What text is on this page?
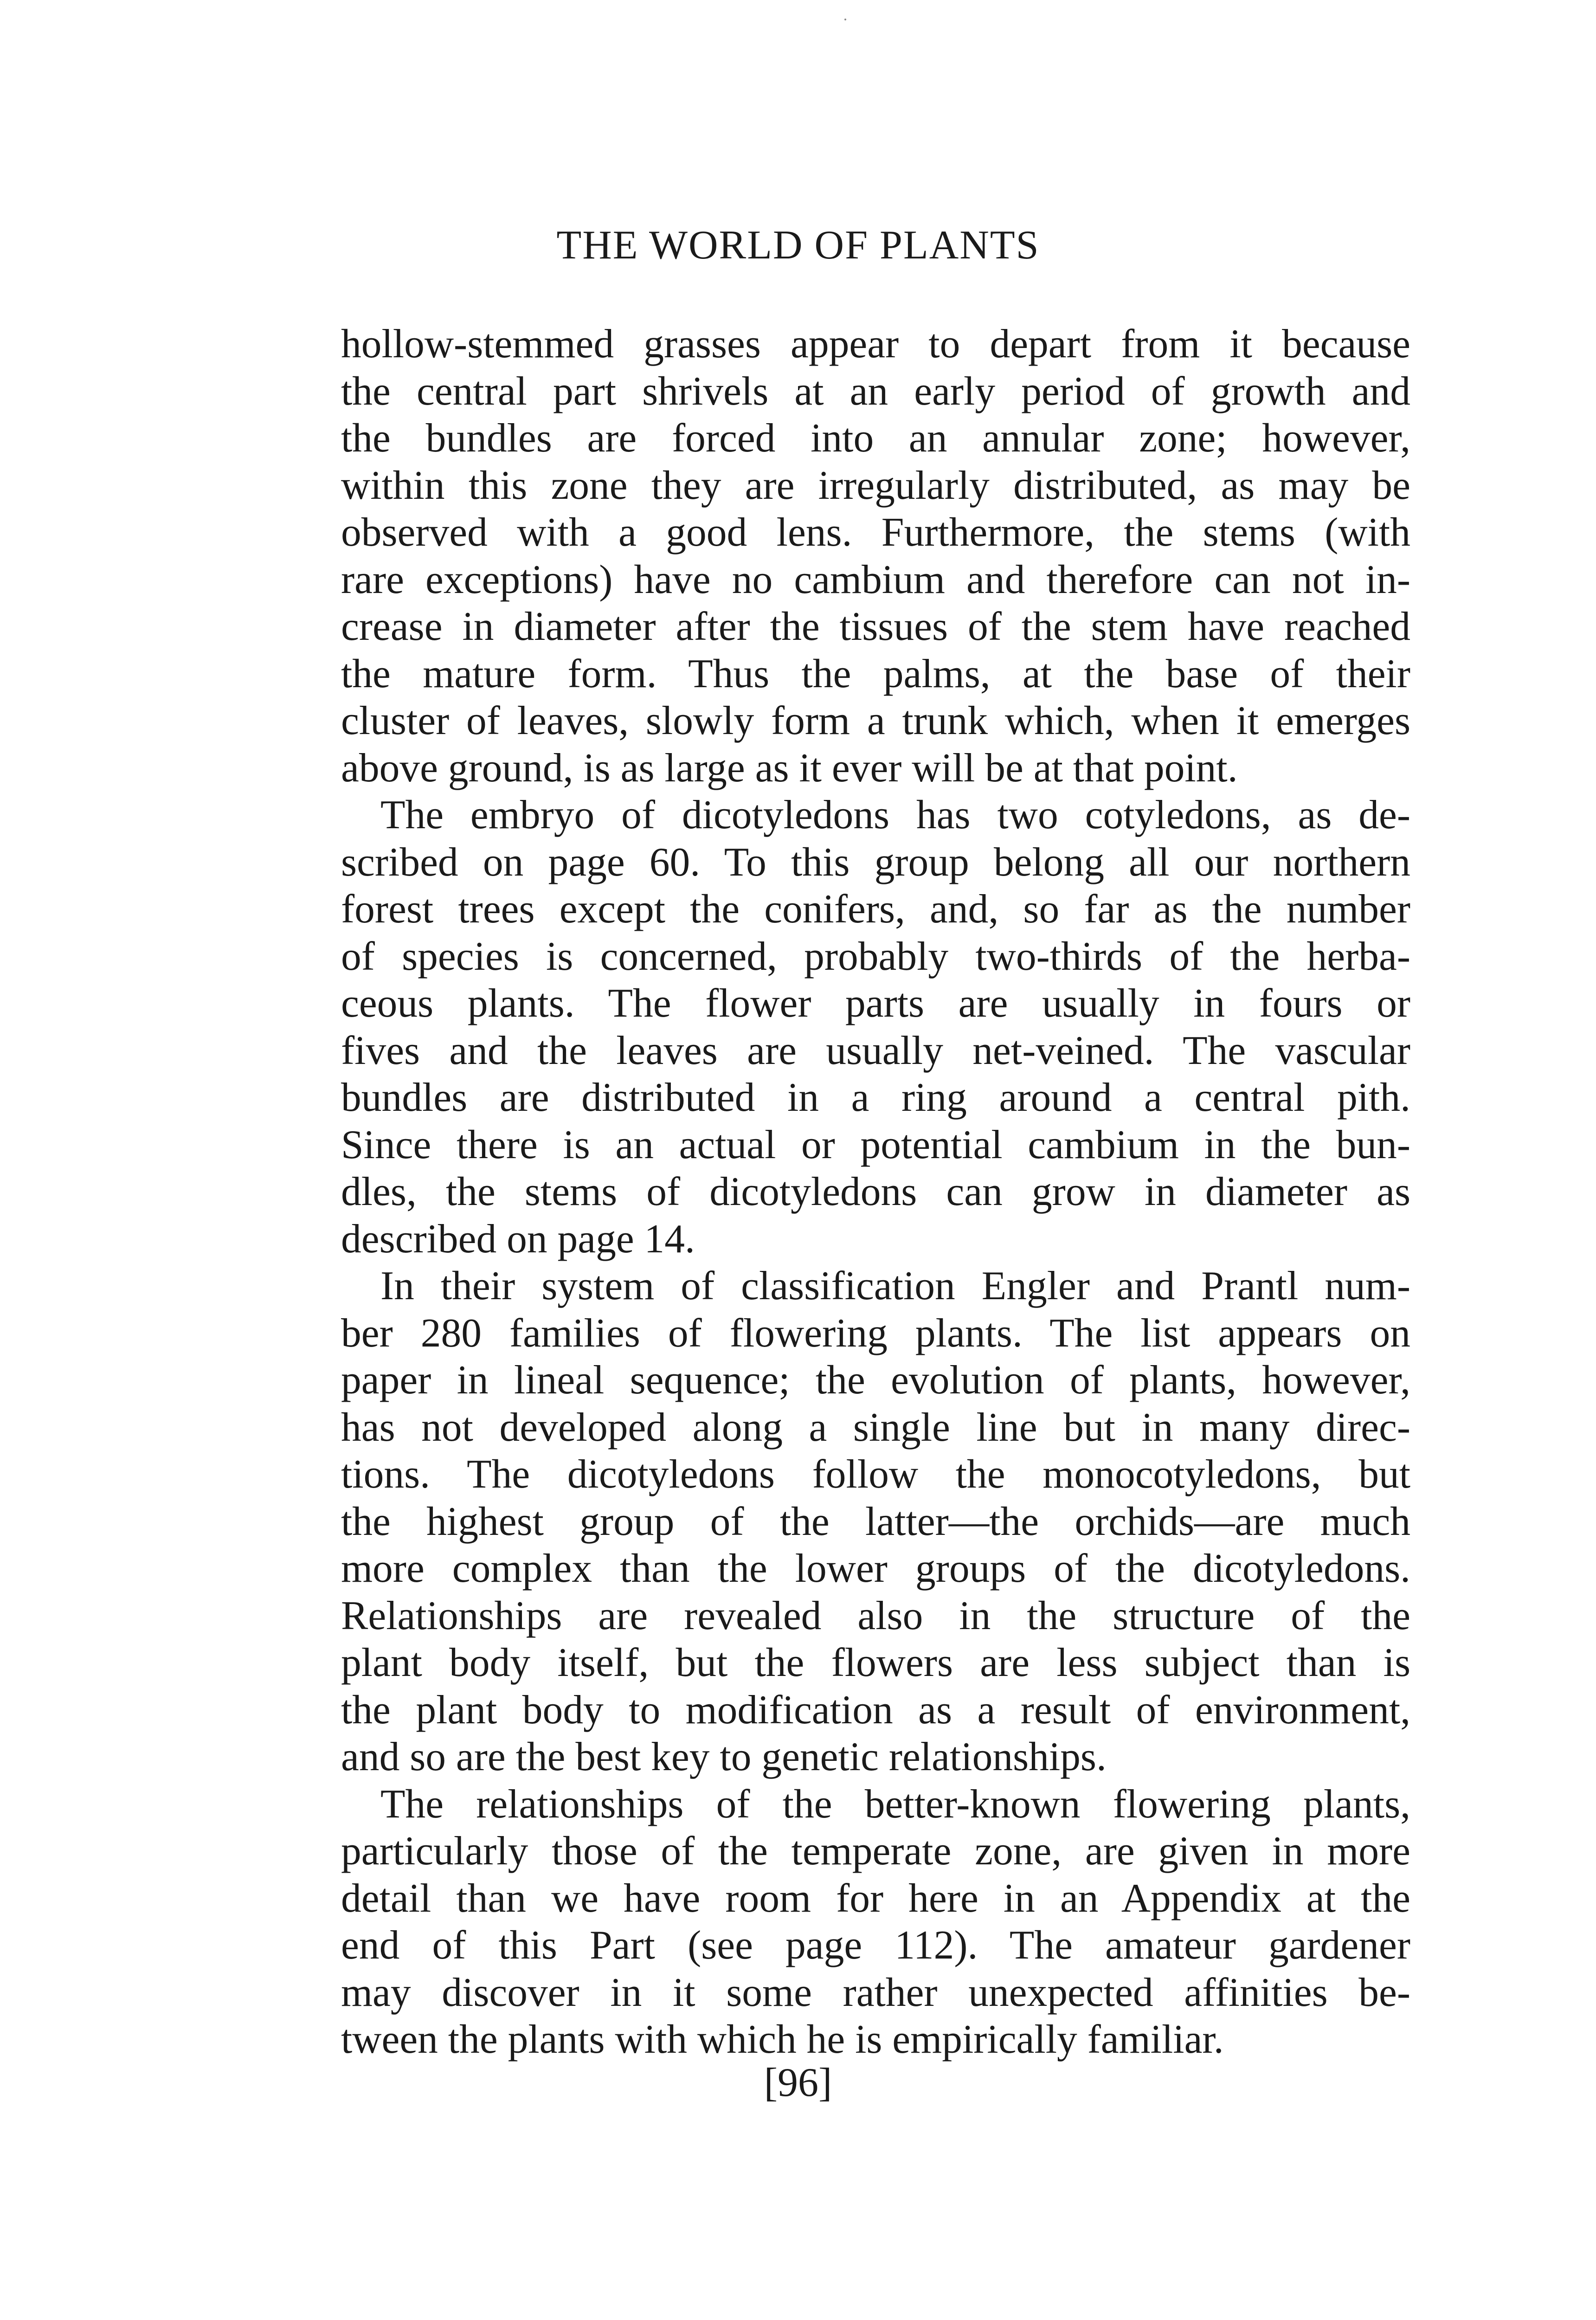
THE WORLD OF PLANTS
hollow-stemmed grasses appear to depart from it because
the central part shrivels at an early period of growth and
the bundles are forced into an annular zone; however,
within this zone they are irregularly distributed, as may be
observed with a good lens. Furthermore, the stems (with
rare exceptions) have no cambium and therefore can not in-
crease in diameter after the tissues of the stem have reached
the mature form. Thus the palms, at the base of their
cluster of leaves, slowly form a trunk which, when it emerges
above ground, is as large as it ever will be at that point.
The embryo of dicotyledons has two cotyledons, as de-
scribed on page 60. To this group belong all our northern
forest trees except the conifers, and, so far as the number
of species is concerned, probably two-thirds of the herba-
ceous plants. The flower parts are usually in fours or
fives and the leaves are usually net-veined. The vascular
bundles are distributed in a ring around a central pith.
Since there is an actual or potential cambium in the bun-
dles, the stems of dicotyledons can grow in diameter as
described on page 14.
In their system of classification Engler and Prantl num-
ber 280 families of flowering plants. The list appears on
paper in lineal sequence; the evolution of plants, however,
has not developed along a single line but in many direc-
tions. The dicotyledons follow the monocotyledons, but
the highest group of the latter—the orchids—are much
more complex than the lower groups of the dicotyledons.
Relationships are revealed also in the structure of the
plant body itself, but the flowers are less subject than is
the plant body to modification as a result of environment,
and so are the best key to genetic relationships.
The relationships of the better-known flowering plants,
particularly those of the temperate zone, are given in more
detail than we have room for here in an Appendix at the
end of this Part (see page 112). The amateur gardener
may discover in it some rather unexpected affinities be-
tween the plants with which he is empirically familiar.
[96]
